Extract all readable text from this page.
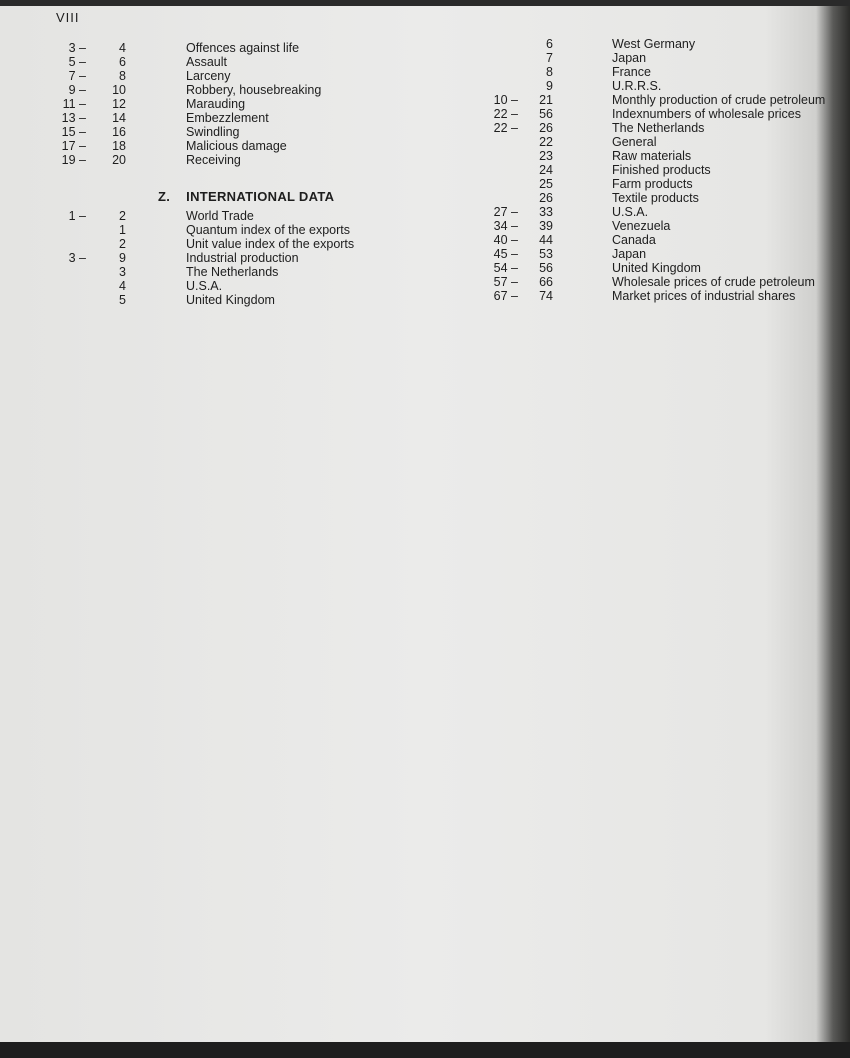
VIII
3 –	4	Offences against life
5 –	6	Assault
7 –	8	Larceny
9 –	10	Robbery, housebreaking
11 –	12	Marauding
13 –	14	Embezzlement
15 –	16	Swindling
17 –	18	Malicious damage
19 –	20	Receiving
Z. INTERNATIONAL DATA
1 –	2	World Trade
1	Quantum index of the exports
2	Unit value index of the exports
3 –	9	Industrial production
3	The Netherlands
4	U.S.A.
5	United Kingdom
6	West Germany
7	Japan
8	France
9	U.R.R.S.
10 –	21	Monthly production of crude petroleum
22 –	56	Indexnumbers of wholesale prices
22 –	26	The Netherlands
22	General
23	Raw materials
24	Finished products
25	Farm products
26	Textile products
27 –	33	U.S.A.
34 –	39	Venezuela
40 –	44	Canada
45 –	53	Japan
54 –	56	United Kingdom
57 –	66	Wholesale prices of crude petroleum
67 –	74	Market prices of industrial shares
